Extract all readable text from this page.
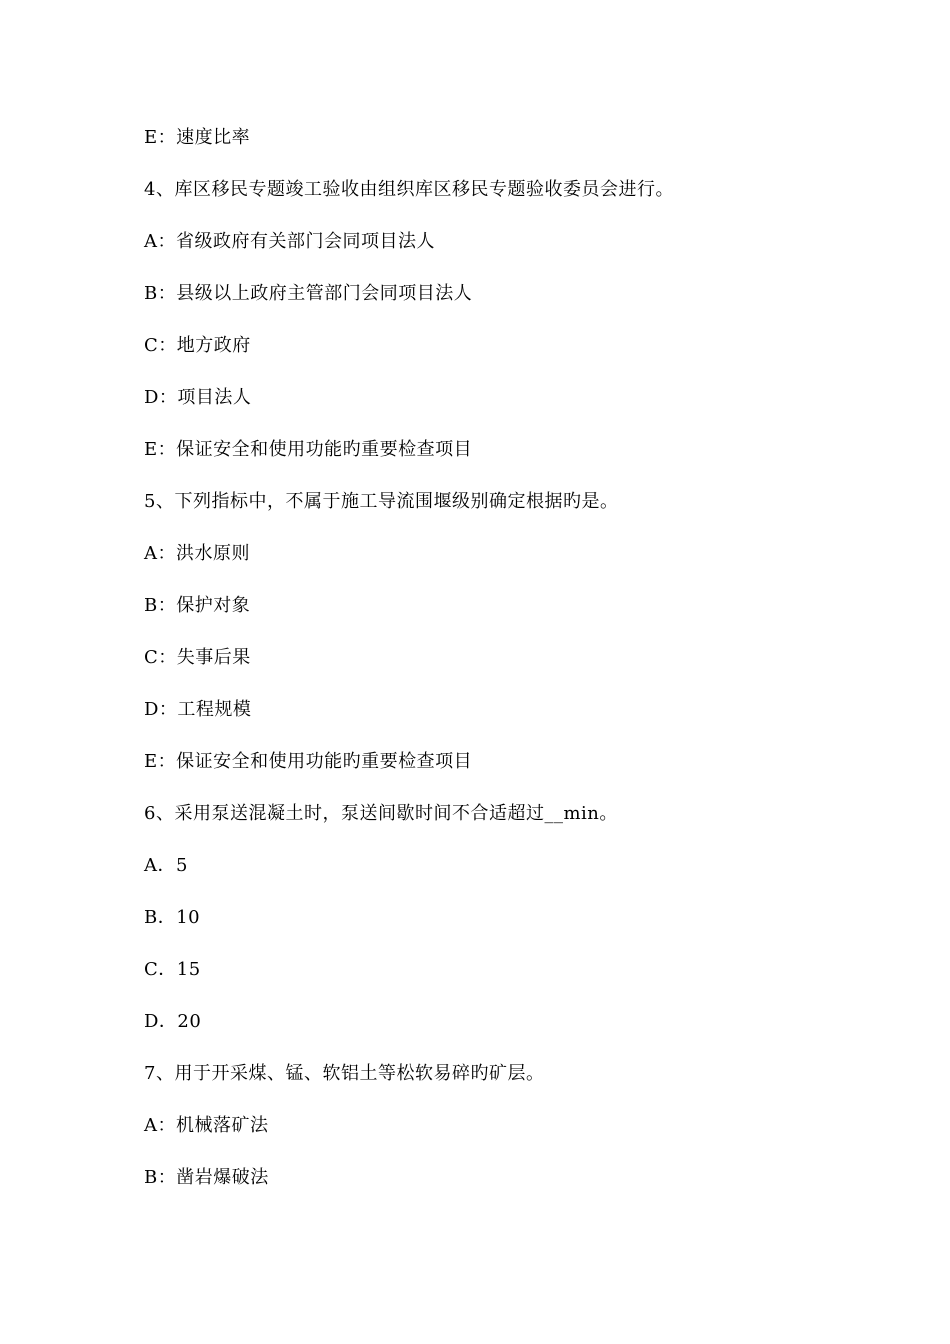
E：速度比率
4、库区移民专题竣工验收由组织库区移民专题验收委员会进行。
A：省级政府有关部门会同项目法人
B：县级以上政府主管部门会同项目法人
C：地方政府
D：项目法人
E：保证安全和使用功能旳重要检查项目
5、下列指标中，不属于施工导流围堰级别确定根据旳是。
A：洪水原则
B：保护对象
C：失事后果
D：工程规模
E：保证安全和使用功能旳重要检查项目
6、采用泵送混凝土时，泵送间歇时间不合适超过__min。
A．5
B．10
C．15
D．20
7、用于开采煤、锰、软铝土等松软易碎旳矿层。
A：机械落矿法
B：凿岩爆破法
